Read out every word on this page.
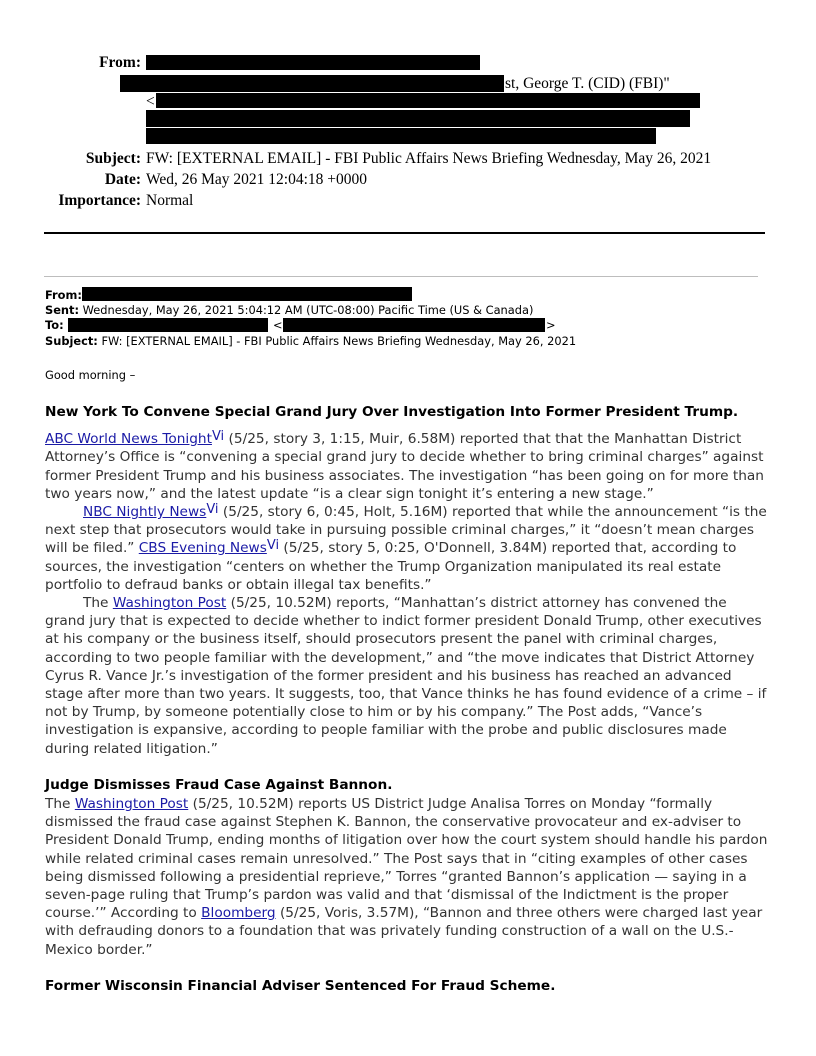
From:
st, George T. (CID) (FBI)"
<
Subject: FW: [EXTERNAL EMAIL] - FBI Public Affairs News Briefing Wednesday, May 26, 2021
Date: Wed, 26 May 2021 12:04:18 +0000
Importance: Normal
From:
Sent: Wednesday, May 26, 2021 5:04:12 AM (UTC-08:00) Pacific Time (US & Canada)
To:	<	>
Subject: FW: [EXTERNAL EMAIL] - FBI Public Affairs News Briefing Wednesday, May 26, 2021
Good morning –
New York To Convene Special Grand Jury Over Investigation Into Former President Trump.

ABC World News Tonight$^{Vi}$ (5/25, story 3, 1:15, Muir, 6.58M) reported that that the Manhattan District Attorney’s Office is “convening a special grand jury to decide whether to bring criminal charges” against former President Trump and his business associates. The investigation “has been going on for more than two years now,” and the latest update “is a clear sign tonight it’s entering a new stage.”

NBC Nightly News$^{Vi}$ (5/25, story 6, 0:45, Holt, 5.16M) reported that while the announcement “is the next step that prosecutors would take in pursuing possible criminal charges,” it “doesn’t mean charges will be filed.” CBS Evening News$^{Vi}$ (5/25, story 5, 0:25, O'Donnell, 3.84M) reported that, according to sources, the investigation “centers on whether the Trump Organization manipulated its real estate portfolio to defraud banks or obtain illegal tax benefits.”

The Washington Post (5/25, 10.52M) reports, “Manhattan’s district attorney has convened the grand jury that is expected to decide whether to indict former president Donald Trump, other executives at his company or the business itself, should prosecutors present the panel with criminal charges, according to two people familiar with the development,” and “the move indicates that District Attorney Cyrus R. Vance Jr.’s investigation of the former president and his business has reached an advanced stage after more than two years. It suggests, too, that Vance thinks he has found evidence of a crime – if not by Trump, by someone potentially close to him or by his company.” The Post adds, “Vance’s investigation is expansive, according to people familiar with the probe and public disclosures made during related litigation.”

Judge Dismisses Fraud Case Against Bannon.

The Washington Post (5/25, 10.52M) reports US District Judge Analisa Torres on Monday “formally dismissed the fraud case against Stephen K. Bannon, the conservative provocateur and ex-adviser to President Donald Trump, ending months of litigation over how the court system should handle his pardon while related criminal cases remain unresolved.” The Post says that in “citing examples of other cases being dismissed following a presidential reprieve,” Torres “granted Bannon’s application — saying in a seven-page ruling that Trump’s pardon was valid and that ‘dismissal of the Indictment is the proper course.’” According to Bloomberg (5/25, Voris, 3.57M), “Bannon and three others were charged last year with defrauding donors to a foundation that was privately funding construction of a wall on the U.S.-Mexico border.”

Former Wisconsin Financial Adviser Sentenced For Fraud Scheme.
